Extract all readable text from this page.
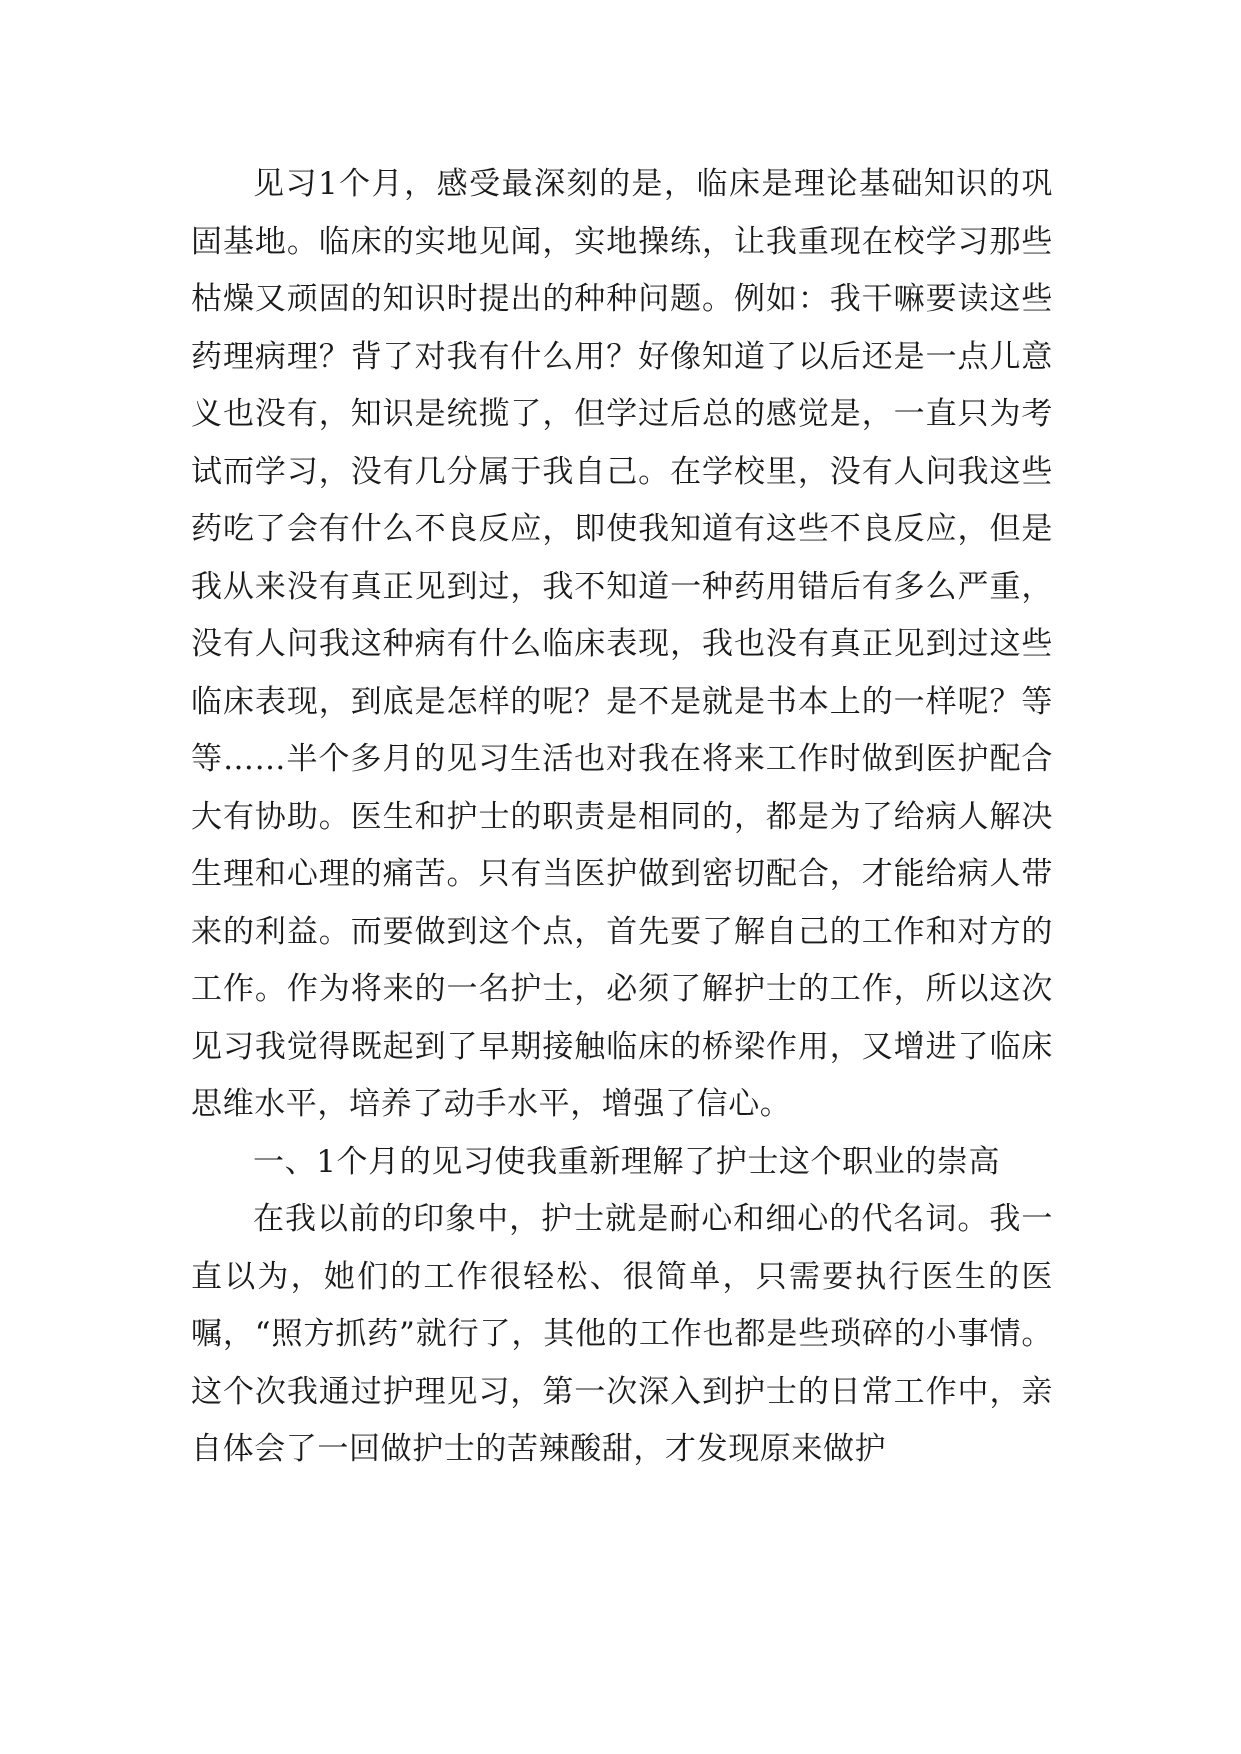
见习1个月，感受最深刻的是，临床是理论基础知识的巩固基地。临床的实地见闻，实地操练，让我重现在校学习那些枯燥又顽固的知识时提出的种种问题。例如：我干嘛要读这些药理病理？背了对我有什么用？好像知道了以后还是一点儿意义也没有，知识是统揽了，但学过后总的感觉是，一直只为考试而学习，没有几分属于我自己。在学校里，没有人问我这些药吃了会有什么不良反应，即使我知道有这些不良反应，但是我从来没有真正见到过，我不知道一种药用错后有多么严重，没有人问我这种病有什么临床表现，我也没有真正见到过这些临床表现，到底是怎样的呢？是不是就是书本上的一样呢？等等……半个多月的见习生活也对我在将来工作时做到医护配合大有协助。医生和护士的职责是相同的，都是为了给病人解决生理和心理的痛苦。只有当医护做到密切配合，才能给病人带来的利益。而要做到这个点，首先要了解自己的工作和对方的工作。作为将来的一名护士，必须了解护士的工作，所以这次见习我觉得既起到了早期接触临床的桥梁作用，又增进了临床思维水平，培养了动手水平，增强了信心。

一、1个月的见习使我重新理解了护士这个职业的崇高

在我以前的印象中，护士就是耐心和细心的代名词。我一直以为，她们的工作很轻松、很简单，只需要执行医生的医嘱，“照方抓药”就行了，其他的工作也都是些琐碎的小事情。这个次我通过护理见习，第一次深入到护士的日常工作中，亲自体会了一回做护士的苦辣酸甜，才发现原来做护
